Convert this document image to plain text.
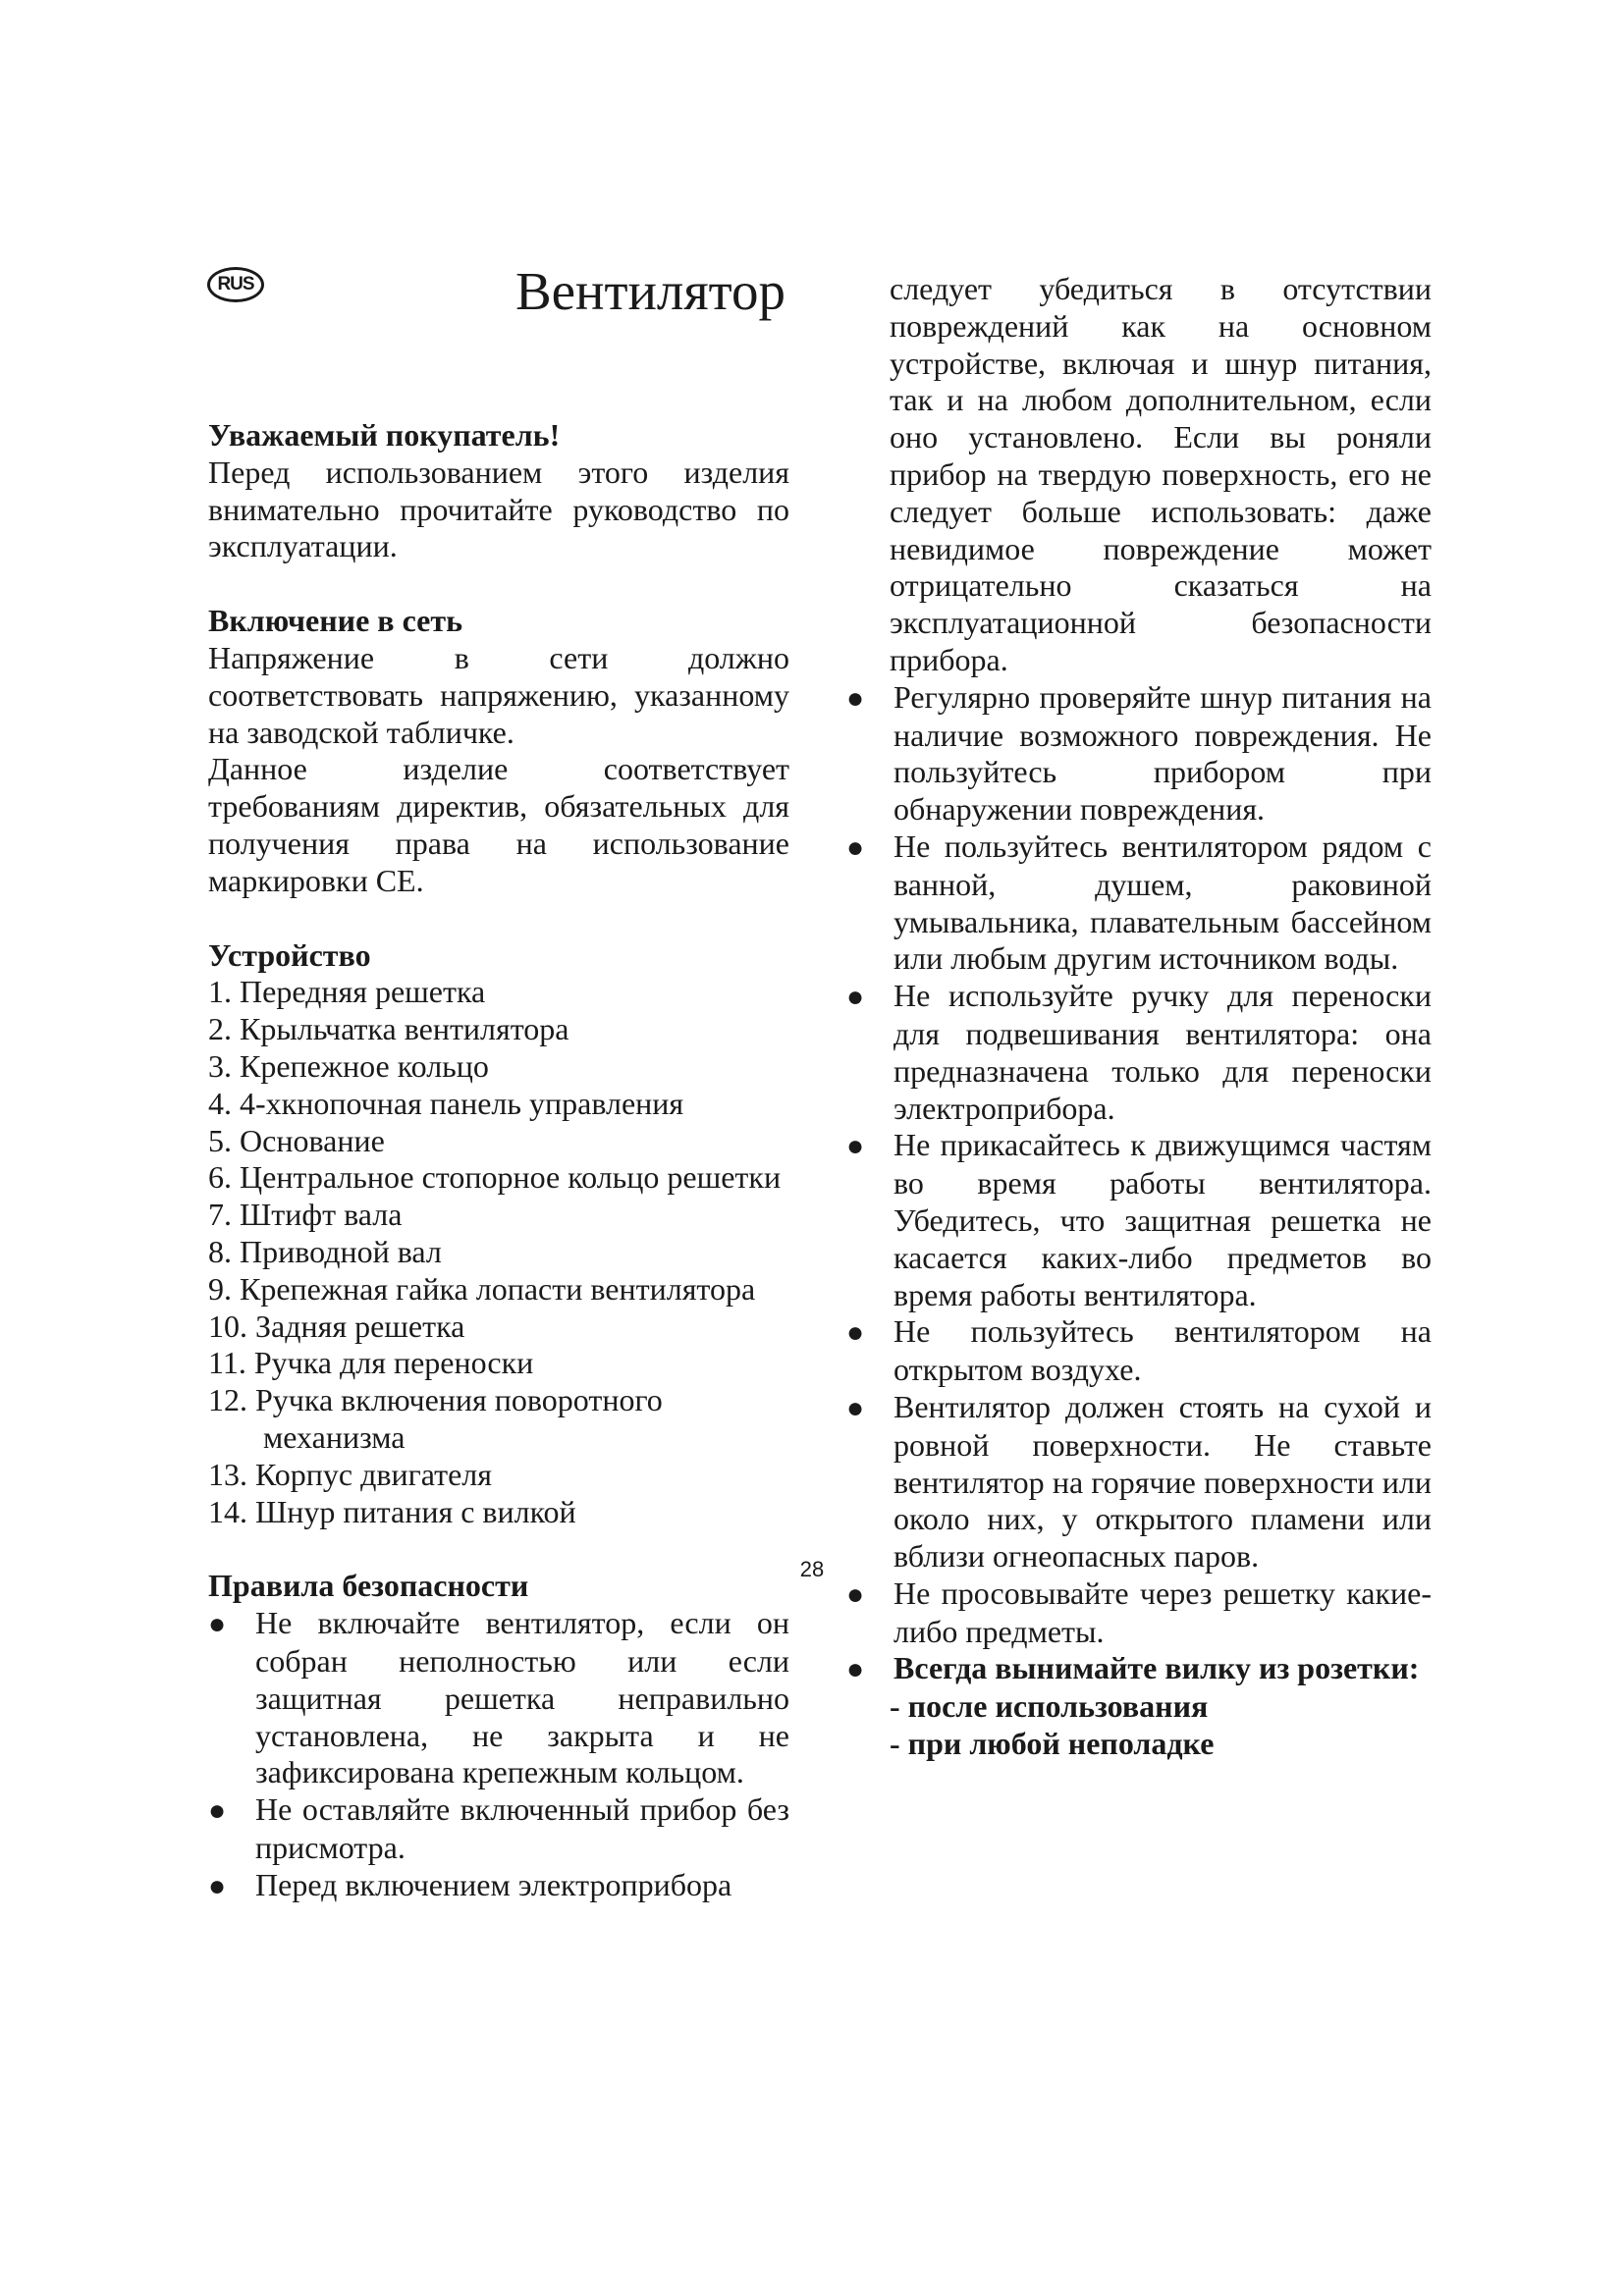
RUS	Вентилятор

Уважаемый покупатель!

Перед использованием этого изделия внимательно прочитайте руководство по эксплуатации.

Включение в сеть

Напряжение в сети должно соответствовать напряжению, указанному на заводской табличке.

Данное изделие соответствует требованиям директив, обязательных для получения права на использование маркировки CE.

Устройство

1. Передняя решетка

2. Крыльчатка вентилятора

3. Крепежное кольцо

4. 4-хкнопочная панель управления

5. Основание

6. Центральное стопорное кольцо решетки

7. Штифт вала

8. Приводной вал

9. Крепежная гайка лопасти вентилятора

10. Задняя решетка

11. Ручка для переноски

12. Ручка включения поворотного механизма

13. Корпус двигателя

14. Шнур питания с вилкой

Правила безопасности

● Не включайте вентилятор, если он собран неполностью или если защитная решетка неправильно установлена, не закрыта и не зафиксирована крепежным кольцом.

● Не оставляйте включенный прибор без присмотра.

● Перед включением электроприбора

следует убедиться в отсутствии повреждений как на основном устройстве, включая и шнур питания, так и на любом дополнительном, если оно установлено. Если вы роняли прибор на твердую поверхность, его не следует больше использовать: даже невидимое повреждение может отрицательно сказаться на эксплуатационной безопасности прибора.

● Регулярно проверяйте шнур питания на наличие возможного повреждения. Не пользуйтесь прибором при обнаружении повреждения.

● Не пользуйтесь вентилятором рядом с ванной, душем, раковиной умывальника, плавательным бассейном или любым другим источником воды.

● Не используйте ручку для переноски для подвешивания вентилятора: она предназначена только для переноски электроприбора.

● Не прикасайтесь к движущимся частям во время работы вентилятора. Убедитесь, что защитная решетка не касается каких-либо предметов во время работы вентилятора.

● Не пользуйтесь вентилятором на открытом воздухе.

● Вентилятор должен стоять на сухой и ровной поверхности. Не ставьте вентилятор на горячие поверхности или около них, у открытого пламени или вблизи огнеопасных паров.

● Не просовывайте через решетку какие-либо предметы.

● Всегда вынимайте вилку из розетки:

- после использования

- при любой неполадке

28
